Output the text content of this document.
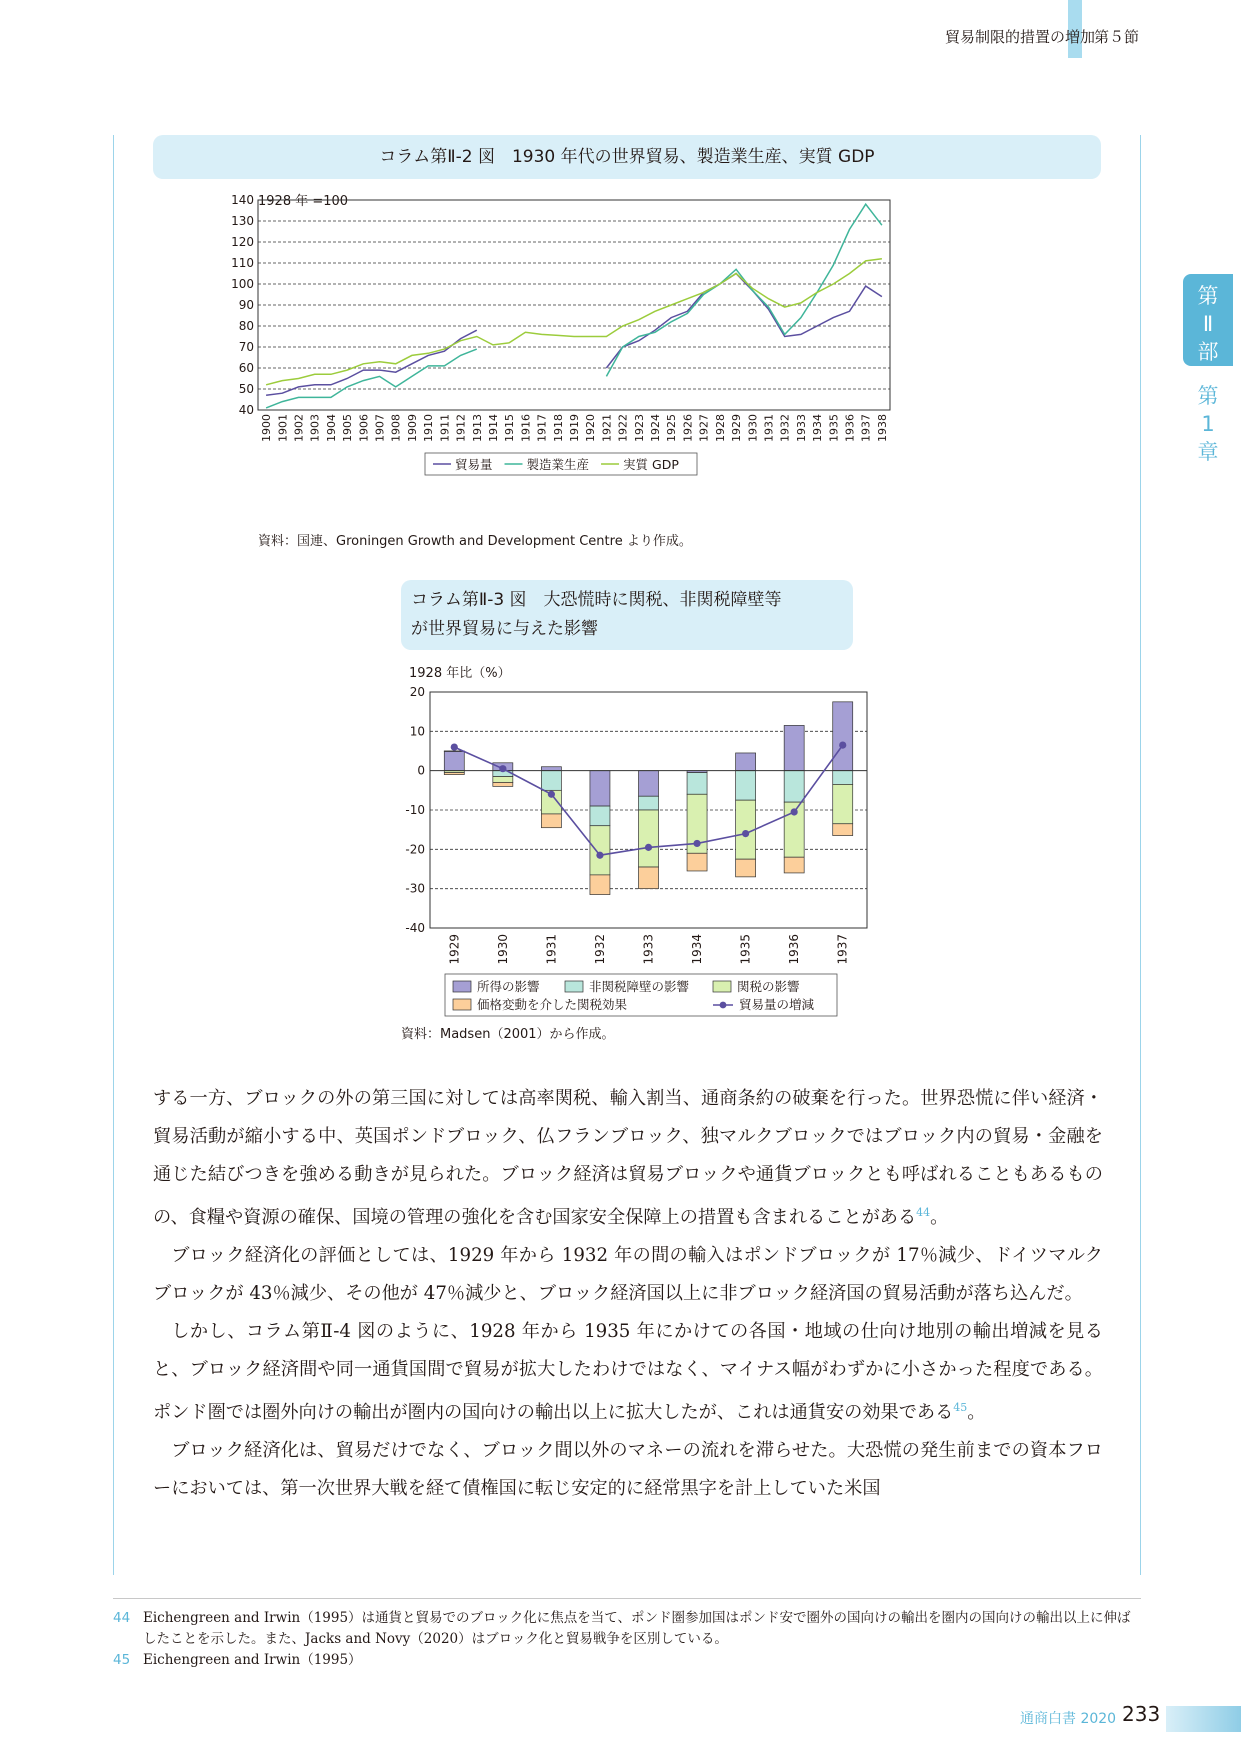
貿易制限的措置の増加 第５節
第
Ⅱ
部
第
1
章
コラム第Ⅱ-2 図　1930 年代の世界貿易、製造業生産、実質 GDP
1928 年 =100
40
50
60
70
80
90
100
110
120
130
140
1900 1901 1902 1903 1904 1905 1906 1907 1908 1909 1910 1911 1912 1913 1914 1915 1916 1917 1918 1919 1920 1921 1922 1923 1924 1925 1926 1927 1928 1929 1930 1931 1932 1933 1934 1935 1936 1937 1938
貿易量	製造業生産	実質 GDP
資料：国連、Groningen Growth and Development Centre より作成。
コラム第Ⅱ-3 図　大恐慌時に関税、非関税障壁等
が世界貿易に与えた影響
1928 年比（%）
20
10
0
-10
-20
-30
-40
1929	1930	1931	1932	1933	1934	1935	1936	1937
所得の影響	非関税障壁の影響	関税の影響
価格変動を介した関税効果	貿易量の増減
資料：Madsen（2001）から作成。

する一方、ブロックの外の第三国に対しては高率関税、輸入割当、通商条約の破棄を行った。世界恐慌に伴い経済・貿易活動が縮小する中、英国ポンドブロック、仏フランブロック、独マルクブロックではブロック内の貿易・金融を通じた結びつきを強める動きが見られた。ブロック経済は貿易ブロックや通貨ブロックとも呼ばれることもあるものの、食糧や資源の確保、国境の管理の強化を含む国家安全保障上の措置も含まれることがある$^{44}$。

ブロック経済化の評価としては、1929 年から 1932 年の間の輸入はポンドブロックが 17％減少、ドイツマルクブロックが 43％減少、その他が 47％減少と、ブロック経済国以上に非ブロック経済国の貿易活動が落ち込んだ。

しかし、コラム第Ⅱ-4 図のように、1928 年から 1935 年にかけての各国・地域の仕向け地別の輸出増減を見ると、ブロック経済間や同一通貨国間で貿易が拡大したわけではなく、マイナス幅がわずかに小さかった程度である。ポンド圏では圏外向けの輸出が圏内の国向けの輸出以上に拡大したが、これは通貨安の効果である$^{45}$。

ブロック経済化は、貿易だけでなく、ブロック間以外のマネーの流れを滞らせた。大恐慌の発生前までの資本フローにおいては、第一次世界大戦を経て債権国に転じ安定的に経常黒字を計上していた米国

44 Eichengreen and Irwin（1995）は通貨と貿易でのブロック化に焦点を当て、ポンド圏参加国はポンド安で圏外の国向けの輸出を圏内の国向けの輸出以上に伸ばしたことを示した。また、Jacks and Novy（2020）はブロック化と貿易戦争を区別している。
45 Eichengreen and Irwin（1995）
通商白書 2020 233
